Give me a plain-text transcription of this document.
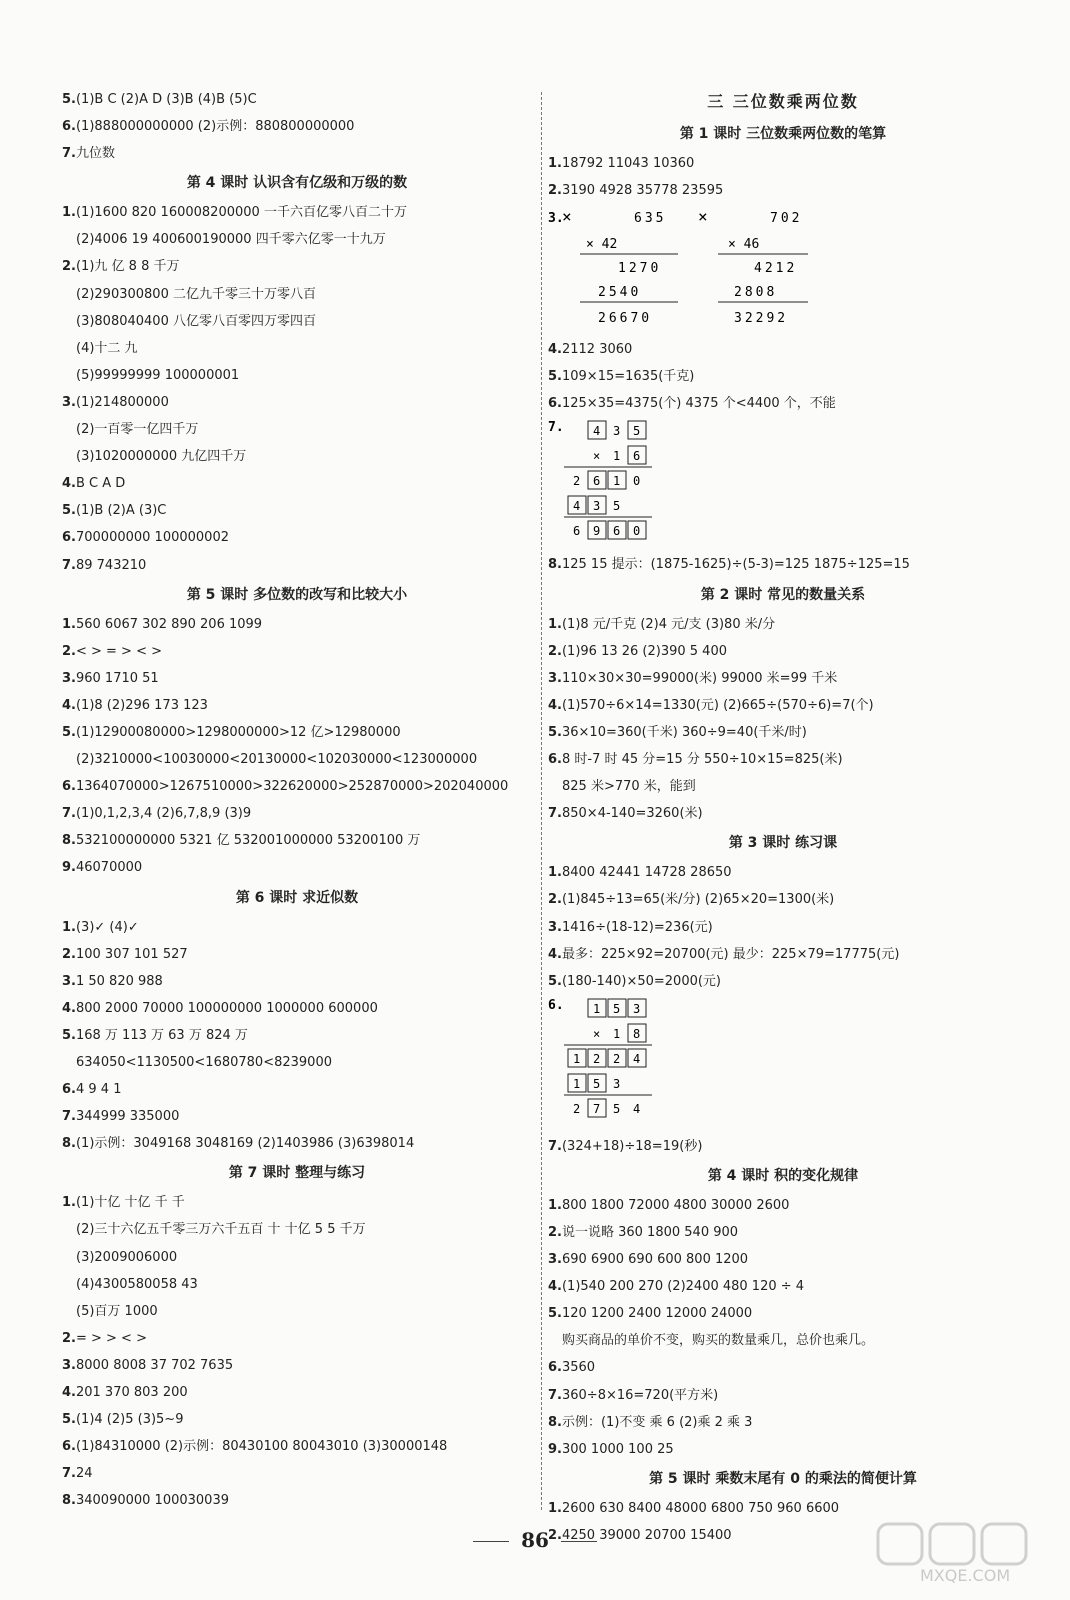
5.(1)B C (2)A D (3)B (4)B (5)C
6.(1)888000000000 (2)示例：880800000000
7.九位数
第 4 课时 认识含有亿级和万级的数
1.(1)1600 820 160008200000 一千六百亿零八百二十万
(2)4006 19 400600190000 四千零六亿零一十九万
2.(1)九 亿 8 8 千万
(2)290300800 二亿九千零三十万零八百
(3)808040400 八亿零八百零四万零四百
(4)十二 九
(5)99999999 100000001
3.(1)214800000
(2)一百零一亿四千万
(3)1020000000 九亿四千万
4.B C A D
5.(1)B (2)A (3)C
6.700000000 100000002
7.89 743210
第 5 课时 多位数的改写和比较大小
1.560 6067 302 890 206 1099
2.< > = > < >
3.960 1710 51
4.(1)8 (2)296 173 123
5.(1)12900080000>1298000000>12 亿>12980000
(2)3210000<10030000<20130000<102030000<123000000
6.1364070000>1267510000>322620000>252870000>202040000
7.(1)0,1,2,3,4 (2)6,7,8,9 (3)9
8.532100000000 5321 亿 532001000000 53200100 万
9.46070000
第 6 课时 求近似数
1.(3)✓ (4)✓
2.100 307 101 527
3.1 50 820 988
4.800 2000 70000 100000000 1000000 600000
5.168 万 113 万 63 万 824 万
634050<1130500<1680780<8239000
6.4 9 4 1
7.344999 335000
8.(1)示例：3049168 3048169 (2)1403986 (3)6398014
第 7 课时 整理与练习
1.(1)十亿 十亿 千 千
(2)三十六亿五千零三万六千五百 十 十亿 5 5 千万
(3)2009006000
(4)4300580058 43
(5)百万 1000
2.= > > < >
3.8000 8008 37 702 7635
4.201 370 803 200
5.(1)4 (2)5 (3)5~9
6.(1)84310000 (2)示例：80430100 80043010 (3)30000148
7.24
8.340090000 100030039
三 三位数乘两位数
第 1 课时 三位数乘两位数的笔算
1.18792 11043 10360
2.3190 4928 35778 23595
3.
×	635
× 42
1270
2540
26670
×	702
× 46
4212
2808
32292
4.2112 3060
5.109×15=1635(千克)
6.125×35=4375(个) 4375 个<4400 个，不能
7. 4 3 5
× 1 6
2 6 1 0
4 3 5
6 9 6 0
8.125 15 提示：(1875-1625)÷(5-3)=125 1875÷125=15
第 2 课时 常见的数量关系
1.(1)8 元/千克 (2)4 元/支 (3)80 米/分
2.(1)96 13 26 (2)390 5 400
3.110×30×30=99000(米) 99000 米=99 千米
4.(1)570÷6×14=1330(元) (2)665÷(570÷6)=7(个)
5.36×10=360(千米) 360÷9=40(千米/时)
6.8 时-7 时 45 分=15 分 550÷10×15=825(米)
825 米>770 米，能到
7.850×4-140=3260(米)
第 3 课时 练习课
1.8400 42441 14728 28650
2.(1)845÷13=65(米/分) (2)65×20=1300(米)
3.1416÷(18-12)=236(元)
4.最多：225×92=20700(元) 最少：225×79=17775(元)
5.(180-140)×50=2000(元)
6. 1 5 3
× 1 8
1 2 2 4
1 5 3
2 7 5 4
7.(324+18)÷18=19(秒)
第 4 课时 积的变化规律
1.800 1800 72000 4800 30000 2600
2.说一说略 360 1800 540 900
3.690 6900 690 600 800 1200
4.(1)540 200 270 (2)2400 480 120 ÷ 4
5.120 1200 2400 12000 24000
购买商品的单价不变，购买的数量乘几，总价也乘几。
6.3560
7.360÷8×16=720(平方米)
8.示例：(1)不变 乘 6 (2)乘 2 乘 3
9.300 1000 100 25
第 5 课时 乘数末尾有 0 的乘法的简便计算
1.2600 630 8400 48000 6800 750 960 6600
2.4250 39000 20700 15400
86
MXQE.COM
